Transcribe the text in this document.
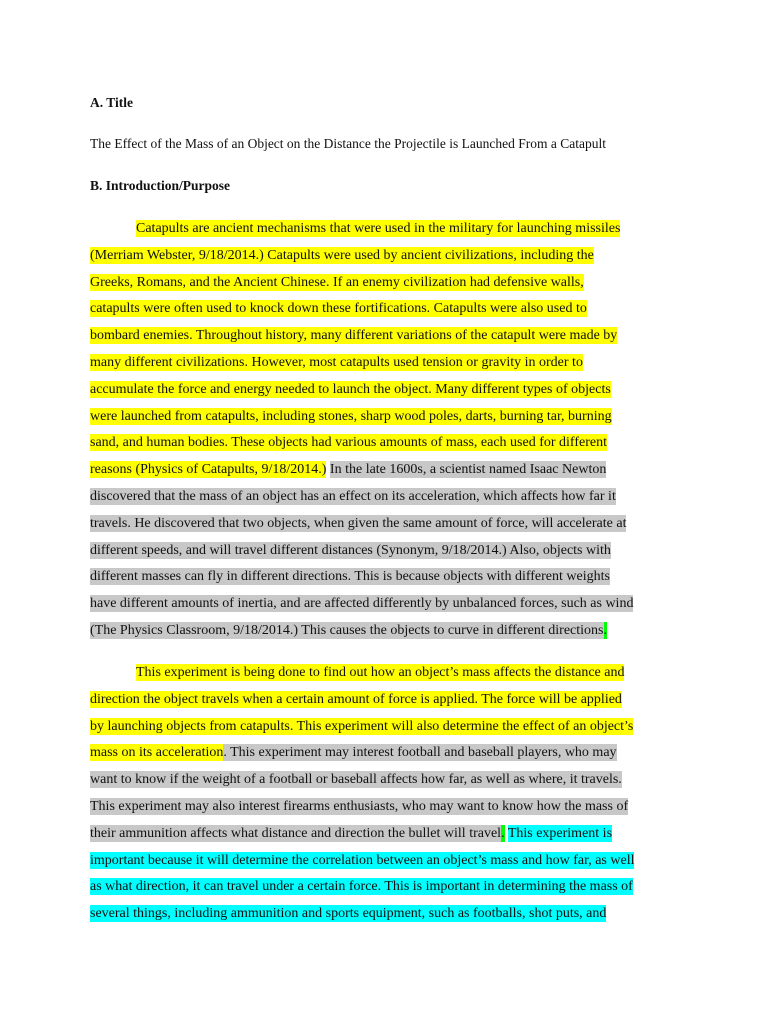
A. Title
The Effect of the Mass of an Object on the Distance the Projectile is Launched From a Catapult
B. Introduction/Purpose
Catapults are ancient mechanisms that were used in the military for launching missiles
(Merriam Webster, 9/18/2014.) Catapults were used by ancient civilizations, including the
Greeks, Romans, and the Ancient Chinese. If an enemy civilization had defensive walls,
catapults were often used to knock down these fortifications. Catapults were also used to
bombard enemies. Throughout history, many different variations of the catapult were made by
many different civilizations. However, most catapults used tension or gravity in order to
accumulate the force and energy needed to launch the object. Many different types of objects
were launched from catapults, including stones, sharp wood poles, darts, burning tar, burning
sand, and human bodies. These objects had various amounts of mass, each used for different
reasons (Physics of Catapults, 9/18/2014.) In the late 1600s, a scientist named Isaac Newton
discovered that the mass of an object has an effect on its acceleration, which affects how far it
travels. He discovered that two objects, when given the same amount of force, will accelerate at
different speeds, and will travel different distances (Synonym, 9/18/2014.) Also, objects with
different masses can fly in different directions. This is because objects with different weights
have different amounts of inertia, and are affected differently by unbalanced forces, such as wind
(The Physics Classroom, 9/18/2014.) This causes the objects to curve in different directions.
This experiment is being done to find out how an object’s mass affects the distance and
direction the object travels when a certain amount of force is applied. The force will be applied
by launching objects from catapults. This experiment will also determine the effect of an object’s
mass on its acceleration. This experiment may interest football and baseball players, who may
want to know if the weight of a football or baseball affects how far, as well as where, it travels.
This experiment may also interest firearms enthusiasts, who may want to know how the mass of
their ammunition affects what distance and direction the bullet will travel. This experiment is
important because it will determine the correlation between an object’s mass and how far, as well
as what direction, it can travel under a certain force. This is important in determining the mass of
several things, including ammunition and sports equipment, such as footballs, shot puts, and
